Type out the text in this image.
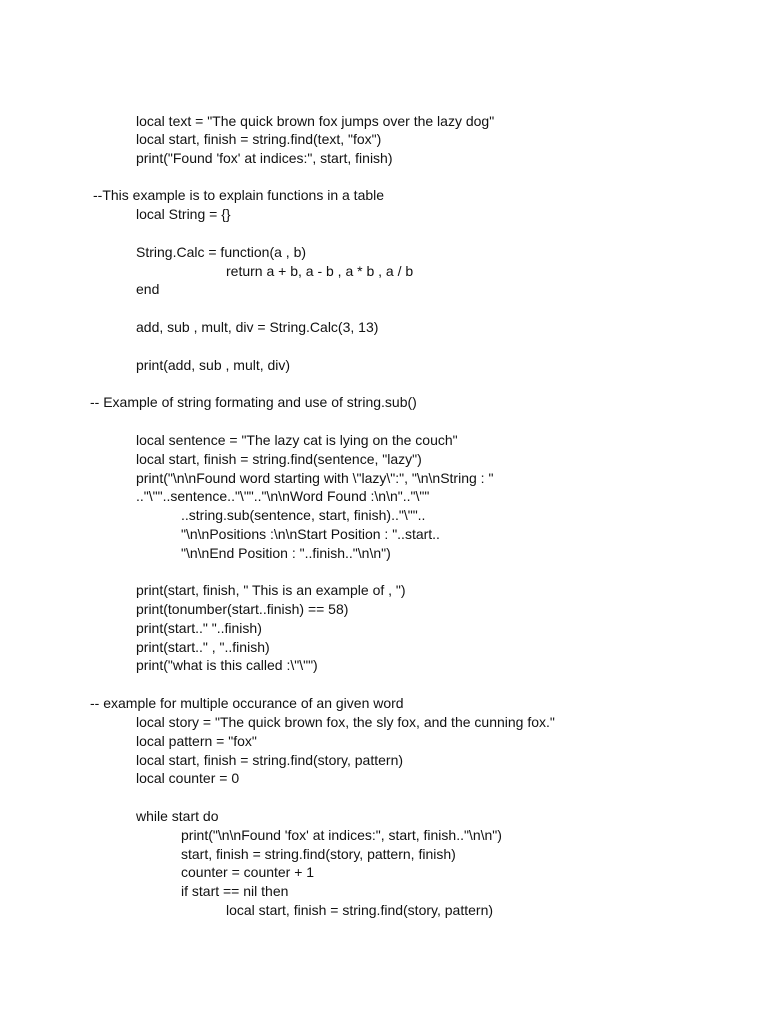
local text = "The quick brown fox jumps over the lazy dog"

local start, finish = string.find(text, "fox")

print("Found 'fox' at indices:", start, finish)

--This example is to explain functions in a table

local String = {}

String.Calc = function(a , b)

return a + b, a - b , a * b , a / b

end

add, sub , mult, div = String.Calc(3, 13)

print(add, sub , mult, div)

-- Example of string formating and use of string.sub()

local sentence = "The lazy cat is lying on the couch"

local start, finish = string.find(sentence, "lazy")

print("\n\nFound word starting with \"lazy\":", "\n\nString : "

.."\""..sentence.."\"".."\n\nWord Found :\n\n".."\""

..string.sub(sentence, start, finish).."\""..

"\n\nPositions :\n\nStart Position : "..start..

"\n\nEnd Position : "..finish.."\n\n")

print(start, finish, " This is an example of , ")

print(tonumber(start..finish) == 58)

print(start.." "..finish)

print(start.." , "..finish)

print("what is this called :\"\"")

-- example for multiple occurance of an given word

local story = "The quick brown fox, the sly fox, and the cunning fox."

local pattern = "fox"

local start, finish = string.find(story, pattern)

local counter = 0

while start do

print("\n\nFound 'fox' at indices:", start, finish.."\n\n")

start, finish = string.find(story, pattern, finish)

counter = counter + 1

if start == nil then

local start, finish = string.find(story, pattern)
